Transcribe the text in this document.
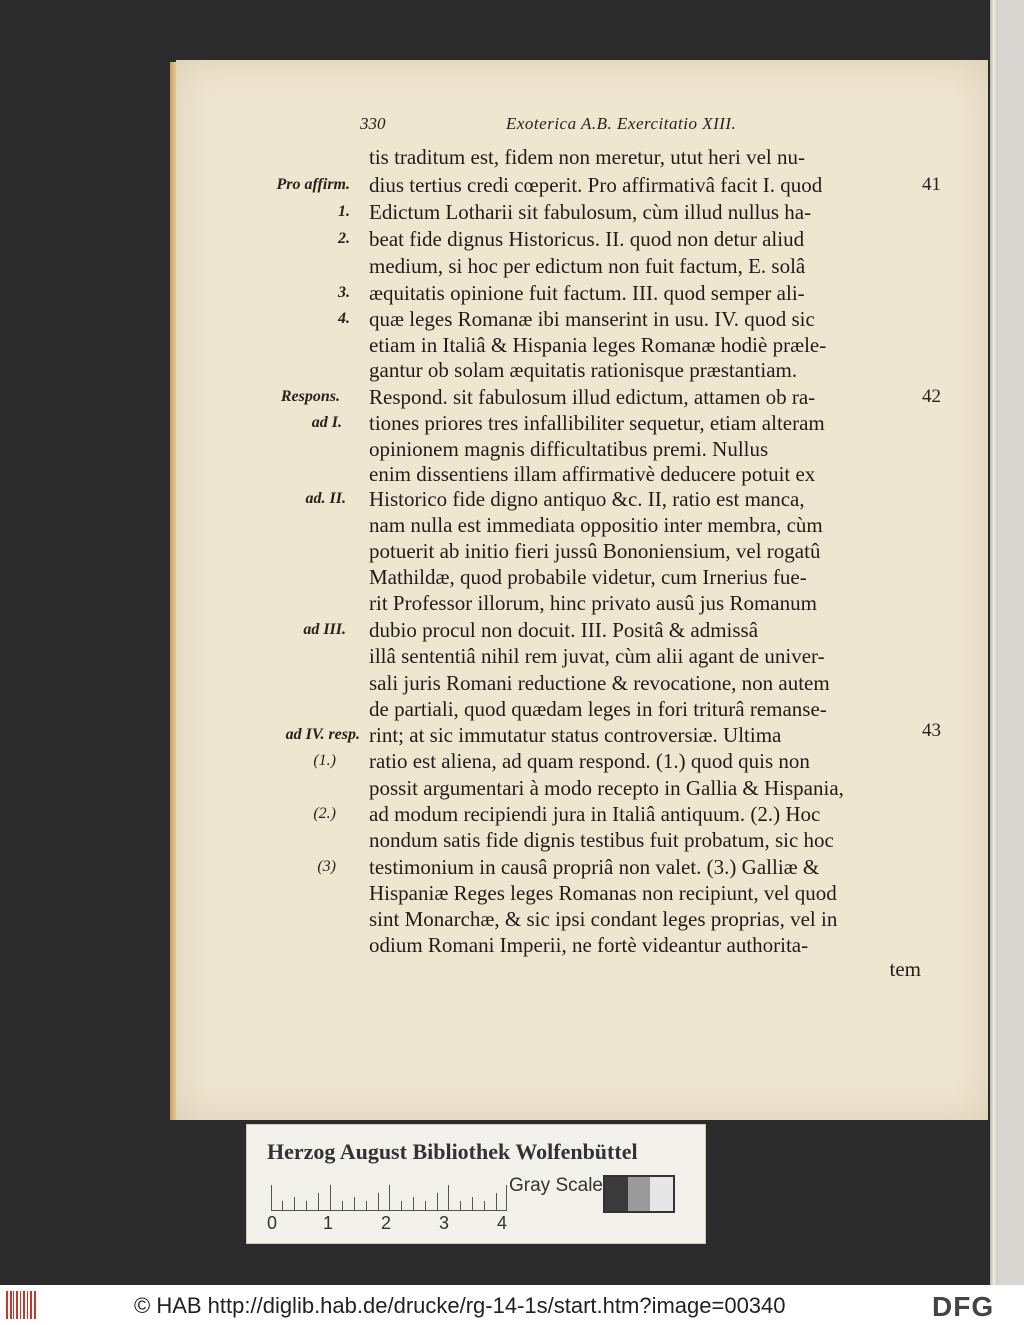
330	Exoterica A.B. Exercitatio XIII.
tis traditum est, fidem non meretur, utut heri vel nu-
dius tertius credi cœperit. Pro affirmativâ facit I. quod
Edictum Lotharii sit fabulosum, cùm illud nullus ha-
beat fide dignus Historicus. II. quod non detur aliud
medium, si hoc per edictum non fuit factum, E. solâ
æquitatis opinione fuit factum. III. quod semper ali-
quæ leges Romanæ ibi manserint in usu. IV. quod sic
etiam in Italiâ & Hispania leges Romanæ hodiè præle-
gantur ob solam æquitatis rationisque præstantiam.
Respond. sit fabulosum illud edictum, attamen ob ra-
tiones priores tres infallibiliter sequetur, etiam alteram
opinionem magnis difficultatibus premi. Nullus
enim dissentiens illam affirmativè deducere potuit ex
Historico fide digno antiquo &c. II, ratio est manca,
nam nulla est immediata oppositio inter membra, cùm
potuerit ab initio fieri jussû Bononiensium, vel rogatû
Mathildæ, quod probabile videtur, cum Irnerius fue-
rit Professor illorum, hinc privato ausû jus Romanum
dubio procul non docuit. III. Positâ & admissâ
illâ sententiâ nihil rem juvat, cùm alii agant de univer-
sali juris Romani reductione & revocatione, non autem
de partiali, quod quædam leges in fori triturâ remanse-
rint; at sic immutatur status controversiæ. Ultima
ratio est aliena, ad quam respond. (1.) quod quis non
possit argumentari à modo recepto in Gallia & Hispania,
ad modum recipiendi jura in Italiâ antiquum. (2.) Hoc
nondum satis fide dignis testibus fuit probatum, sic hoc
testimonium in causâ propriâ non valet. (3.) Galliæ &
Hispaniæ Reges leges Romanas non recipiunt, vel quod
sint Monarchæ, & sic ipsi condant leges proprias, vel in
odium Romani Imperii, ne fortè videantur authorita-
tem
Pro affirm.
1.
2.
3.
4.
Respons.
ad I.
ad. II.
ad III.
ad IV. resp.
(1.)
(2.)
(3)
41
42
43
Herzog August Bibliothek Wolfenbüttel
0	1	2	3	4
Gray Scale
© HAB http://diglib.hab.de/drucke/rg-14-1s/start.htm?image=00340	DFG
